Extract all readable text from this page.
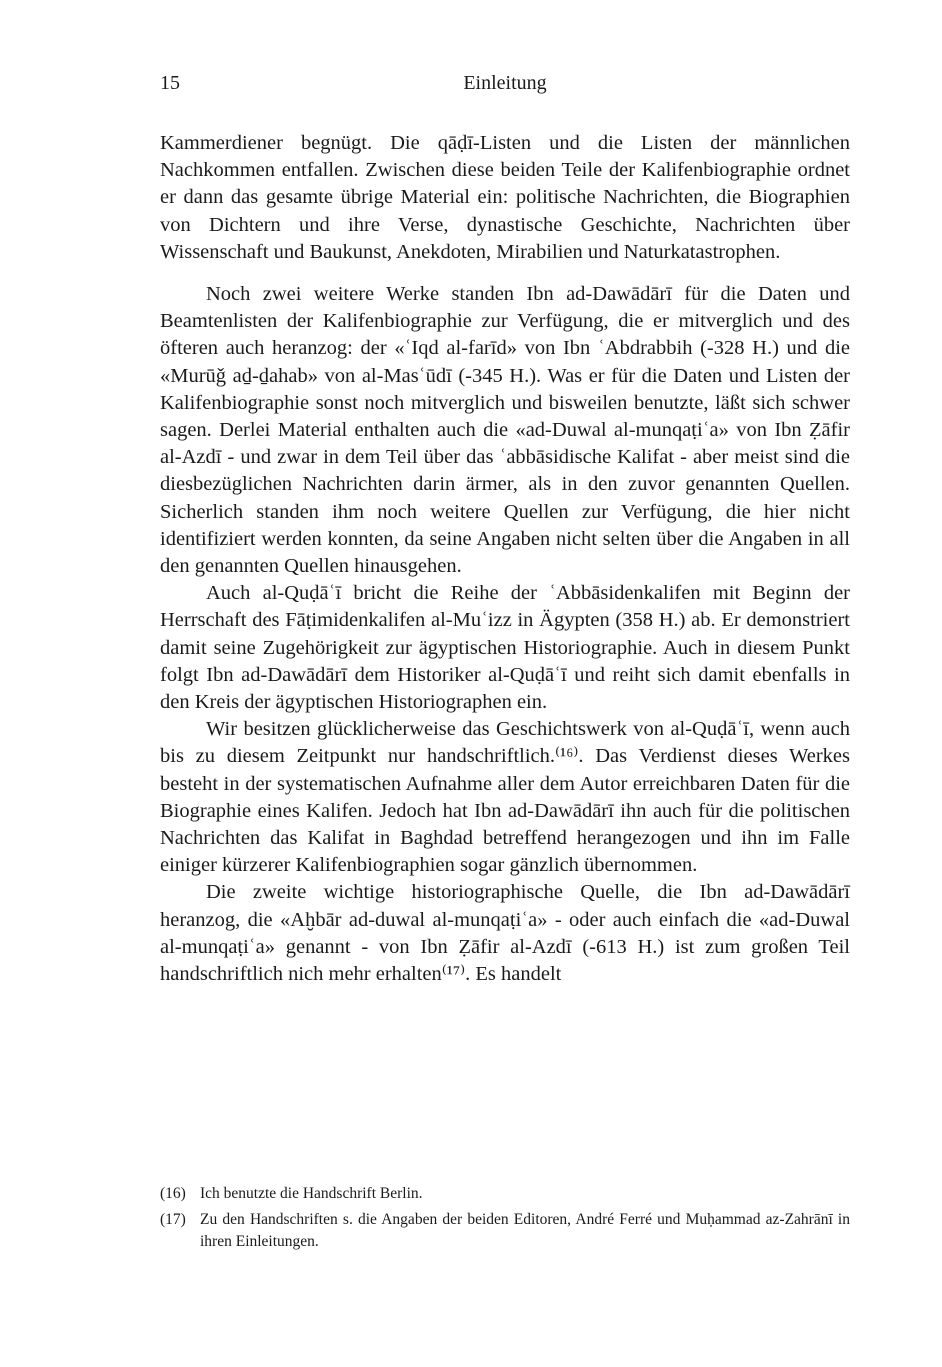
15	Einleitung

Kammerdiener begnügt. Die qāḍī-Listen und die Listen der männlichen Nachkommen entfallen. Zwischen diese beiden Teile der Kalifenbiographie ordnet er dann das gesamte übrige Material ein: politische Nachrichten, die Biographien von Dichtern und ihre Verse, dynastische Geschichte, Nachrichten über Wissenschaft und Baukunst, Anekdoten, Mirabilien und Naturkatastrophen.

Noch zwei weitere Werke standen Ibn ad-Dawādārī für die Daten und Beamtenlisten der Kalifenbiographie zur Verfügung, die er mitverglich und des öfteren auch heranzog: der «ʿIqd al-farīd» von Ibn ʿAbdrabbih (-328 H.) und die «Murūǧ aḏ-ḏahab» von al-Masʿūdī (-345 H.). Was er für die Daten und Listen der Kalifenbiographie sonst noch mitverglich und bisweilen benutzte, läßt sich schwer sagen. Derlei Material enthalten auch die «ad-Duwal al-munqaṭiʿa» von Ibn Ẓāfir al-Azdī - und zwar in dem Teil über das ʿabbāsidische Kalifat - aber meist sind die diesbezüglichen Nachrichten darin ärmer, als in den zuvor genannten Quellen. Sicherlich standen ihm noch weitere Quellen zur Verfügung, die hier nicht identifiziert werden konnten, da seine Angaben nicht selten über die Angaben in all den genannten Quellen hinausgehen.

Auch al-Quḍāʿī bricht die Reihe der ʿAbbāsidenkalifen mit Beginn der Herrschaft des Fāṭimidenkalifen al-Muʿizz in Ägypten (358 H.) ab. Er demonstriert damit seine Zugehörigkeit zur ägyptischen Historiographie. Auch in diesem Punkt folgt Ibn ad-Dawādārī dem Historiker al-Quḍāʿī und reiht sich damit ebenfalls in den Kreis der ägyptischen Historiographen ein.

Wir besitzen glücklicherweise das Geschichtswerk von al-Quḍāʿī, wenn auch bis zu diesem Zeitpunkt nur handschriftlich.⁽¹⁶⁾. Das Verdienst dieses Werkes besteht in der systematischen Aufnahme aller dem Autor erreichbaren Daten für die Biographie eines Kalifen. Jedoch hat Ibn ad-Dawādārī ihn auch für die politischen Nachrichten das Kalifat in Baghdad betreffend herangezogen und ihn im Falle einiger kürzerer Kalifenbiographien sogar gänzlich übernommen.

Die zweite wichtige historiographische Quelle, die Ibn ad-Dawādārī heranzog, die «Aḫbār ad-duwal al-munqaṭiʿa» - oder auch einfach die «ad-Duwal al-munqaṭiʿa» genannt - von Ibn Ẓāfir al-Azdī (-613 H.) ist zum großen Teil handschriftlich nich mehr erhalten⁽¹⁷⁾. Es handelt

(16) Ich benutzte die Handschrift Berlin.
(17) Zu den Handschriften s. die Angaben der beiden Editoren, André Ferré und Muḥammad az-Zahrānī in ihren Einleitungen.
